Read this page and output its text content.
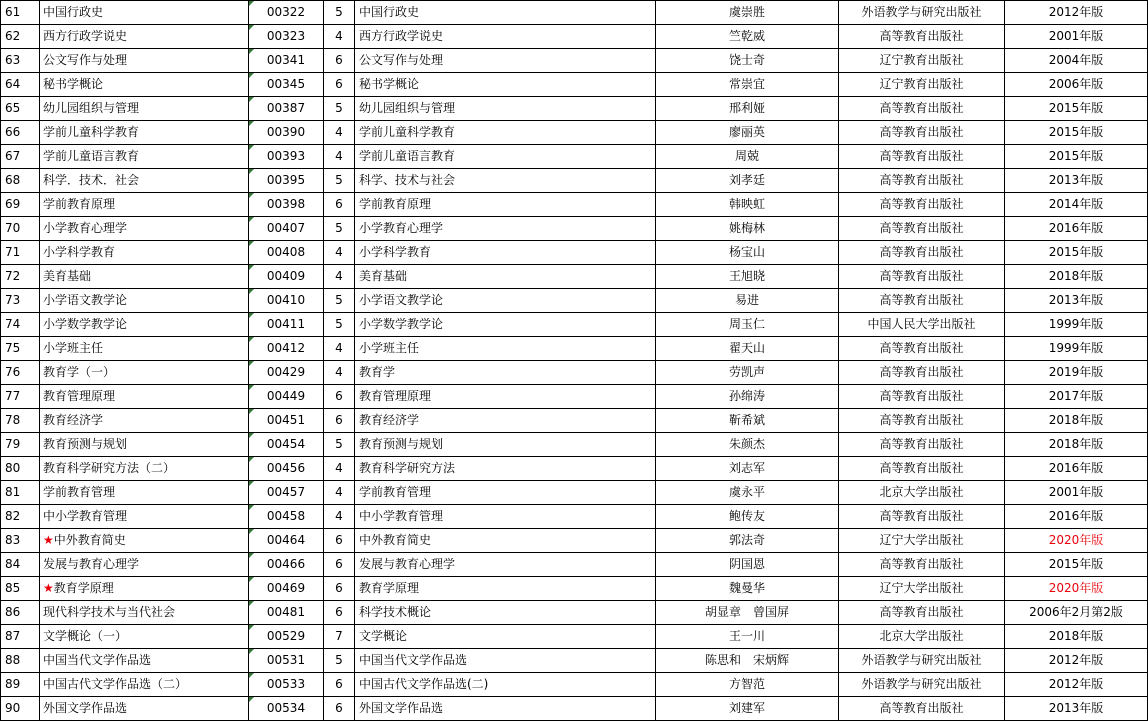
61	中国行政史	00322	5	中国行政史	虞崇胜	外语教学与研究出版社	2012年版
62	西方行政学说史	00323	4	西方行政学说史	竺乾威	高等教育出版社	2001年版
63	公文写作与处理	00341	6	公文写作与处理	饶士奇	辽宁教育出版社	2004年版
64	秘书学概论	00345	6	秘书学概论	常崇宜	辽宁教育出版社	2006年版
65	幼儿园组织与管理	00387	5	幼儿园组织与管理	邢利娅	高等教育出版社	2015年版
66	学前儿童科学教育	00390	4	学前儿童科学教育	廖丽英	高等教育出版社	2015年版
67	学前儿童语言教育	00393	4	学前儿童语言教育	周兢	高等教育出版社	2015年版
68	科学．技术．社会	00395	5	科学、技术与社会	刘孝廷	高等教育出版社	2013年版
69	学前教育原理	00398	6	学前教育原理	韩映虹	高等教育出版社	2014年版
70	小学教育心理学	00407	5	小学教育心理学	姚梅林	高等教育出版社	2016年版
71	小学科学教育	00408	4	小学科学教育	杨宝山	高等教育出版社	2015年版
72	美育基础	00409	4	美育基础	王旭晓	高等教育出版社	2018年版
73	小学语文教学论	00410	5	小学语文教学论	易进	高等教育出版社	2013年版
74	小学数学教学论	00411	5	小学数学教学论	周玉仁	中国人民大学出版社	1999年版
75	小学班主任	00412	4	小学班主任	翟天山	高等教育出版社	1999年版
76	教育学（一）	00429	4	教育学	劳凯声	高等教育出版社	2019年版
77	教育管理原理	00449	6	教育管理原理	孙绵涛	高等教育出版社	2017年版
78	教育经济学	00451	6	教育经济学	靳希斌	高等教育出版社	2018年版
79	教育预测与规划	00454	5	教育预测与规划	朱颜杰	高等教育出版社	2018年版
80	教育科学研究方法（二）	00456	4	教育科学研究方法	刘志军	高等教育出版社	2016年版
81	学前教育管理	00457	4	学前教育管理	虞永平	北京大学出版社	2001年版
82	中小学教育管理	00458	4	中小学教育管理	鲍传友	高等教育出版社	2016年版
83	★中外教育简史	00464	6	中外教育简史	郭法奇	辽宁大学出版社	2020年版
84	发展与教育心理学	00466	6	发展与教育心理学	阴国恩	高等教育出版社	2015年版
85	★教育学原理	00469	6	教育学原理	魏曼华	辽宁大学出版社	2020年版
86	现代科学技术与当代社会	00481	6	科学技术概论	胡显章　曾国屏	高等教育出版社	2006年2月第2版
87	文学概论（一）	00529	7	文学概论	王一川	北京大学出版社	2018年版
88	中国当代文学作品选	00531	5	中国当代文学作品选	陈思和　宋炳辉	外语教学与研究出版社	2012年版
89	中国古代文学作品选（二）	00533	6	中国古代文学作品选(二)	方智范	外语教学与研究出版社	2012年版
90	外国文学作品选	00534	6	外国文学作品选	刘建军	高等教育出版社	2013年版
